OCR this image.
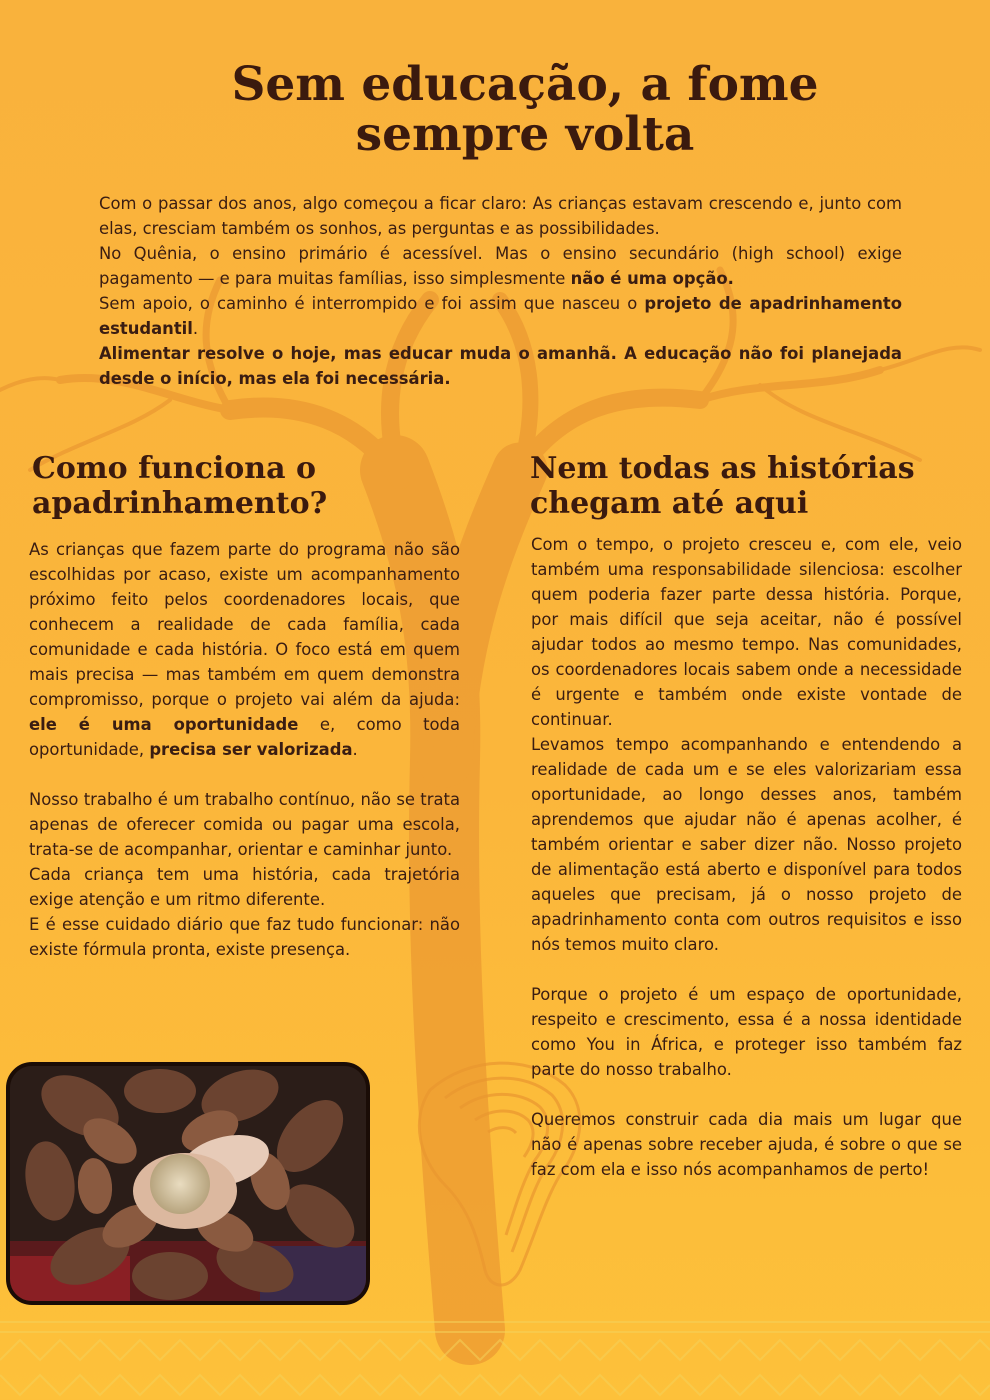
Sem educação, a fome
sempre volta

Com o passar dos anos, algo começou a ficar claro: As crianças estavam crescendo e, junto com elas, cresciam também os sonhos, as perguntas e as possibilidades.

No Quênia, o ensino primário é acessível. Mas o ensino secundário (high school) exige pagamento — e para muitas famílias, isso simplesmente não é uma opção.

Sem apoio, o caminho é interrompido e foi assim que nasceu o projeto de apadrinhamento estudantil.

Alimentar resolve o hoje, mas educar muda o amanhã. A educação não foi planejada desde o início, mas ela foi necessária.

Como funciona o
apadrinhamento?

As crianças que fazem parte do programa não são escolhidas por acaso, existe um acompanhamento próximo feito pelos coordenadores locais, que conhecem a realidade de cada família, cada comunidade e cada história. O foco está em quem mais precisa — mas também em quem demonstra compromisso, porque o projeto vai além da ajuda: ele é uma oportunidade e, como toda oportunidade, precisa ser valorizada.

Nosso trabalho é um trabalho contínuo, não se trata apenas de oferecer comida ou pagar uma escola, trata-se de acompanhar, orientar e caminhar junto.

Cada criança tem uma história, cada trajetória exige atenção e um ritmo diferente.

E é esse cuidado diário que faz tudo funcionar: não existe fórmula pronta, existe presença.

Nem todas as histórias
chegam até aqui

Com o tempo, o projeto cresceu e, com ele, veio também uma responsabilidade silenciosa: escolher quem poderia fazer parte dessa história. Porque, por mais difícil que seja aceitar, não é possível ajudar todos ao mesmo tempo. Nas comunidades, os coordenadores locais sabem onde a necessidade é urgente e também onde existe vontade de continuar.

Levamos tempo acompanhando e entendendo a realidade de cada um e se eles valorizariam essa oportunidade, ao longo desses anos, também aprendemos que ajudar não é apenas acolher, é também orientar e saber dizer não. Nosso projeto de alimentação está aberto e disponível para todos aqueles que precisam, já o nosso projeto de apadrinhamento conta com outros requisitos e isso nós temos muito claro.

Porque o projeto é um espaço de oportunidade, respeito e crescimento, essa é a nossa identidade como You in África, e proteger isso também faz parte do nosso trabalho.

Queremos construir cada dia mais um lugar que não é apenas sobre receber ajuda, é sobre o que se faz com ela e isso nós acompanhamos de perto!
